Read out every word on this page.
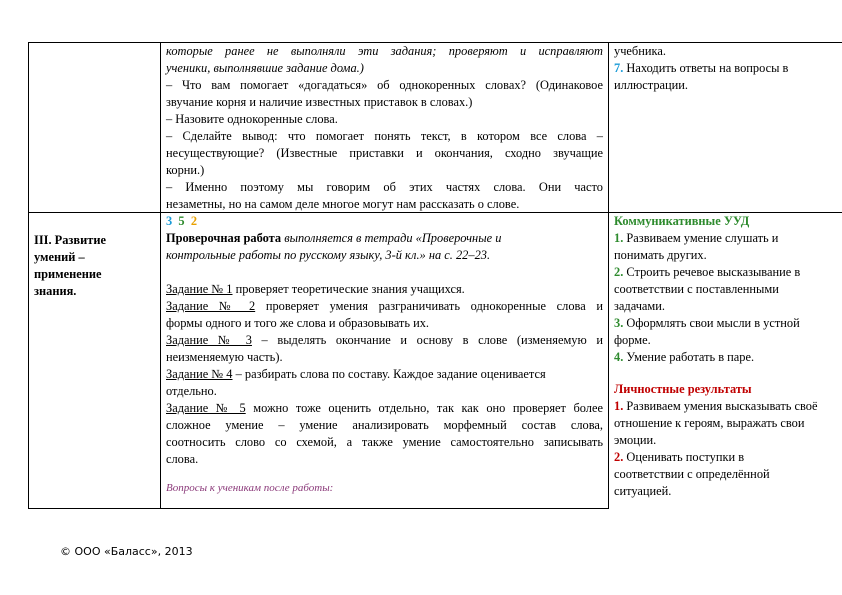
которые ранее не выполняли эти задания; проверяют и исправляют
ученики, выполнявшие задание дома.)
– Что вам помогает «догадаться» об однокоренных словах? (Одинаковое
звучание корня и наличие известных приставок в словах.)
– Назовите однокоренные слова.
– Сделайте вывод: что помогает понять текст, в котором все слова –
несуществующие? (Известные приставки и окончания, сходно звучащие
корни.)
– Именно поэтому мы говорим об этих частях слова. Они часто
незаметны, но на самом деле многое могут нам рассказать о слове.
учебника.
7. Находить ответы на вопросы в
иллюстрации.
III. Развитие
умений –
применение
знания.
3 5 2
Проверочная работа выполняется в тетради «Проверочные и
контрольные работы по русскому языку, 3-й кл.» на с. 22–23.
Задание № 1 проверяет теоретические знания учащихся.
Задание № 2 проверяет умения разграничивать однокоренные слова и
формы одного и того же слова и образовывать их.
Задание № 3 – выделять окончание и основу в слове (изменяемую и
неизменяемую часть).
Задание № 4 – разбирать слова по составу. Каждое задание оценивается
отдельно.
Задание № 5 можно тоже оценить отдельно, так как оно проверяет более
сложное умение – умение анализировать морфемный состав слова,
соотносить слово со схемой, а также умение самостоятельно записывать
слова.
Вопросы к ученикам после работы:
Коммуникативные УУД
1. Развиваем умение слушать и
понимать других.
2. Строить речевое высказывание в
соответствии с поставленными
задачами.
3. Оформлять свои мысли в устной
форме.
4. Умение работать в паре.
Личностные результаты
1. Развиваем умения высказывать своё
отношение к героям, выражать свои
эмоции.
2. Оценивать поступки в
соответствии с определённой
ситуацией.
© ООО «Баласс», 2013
